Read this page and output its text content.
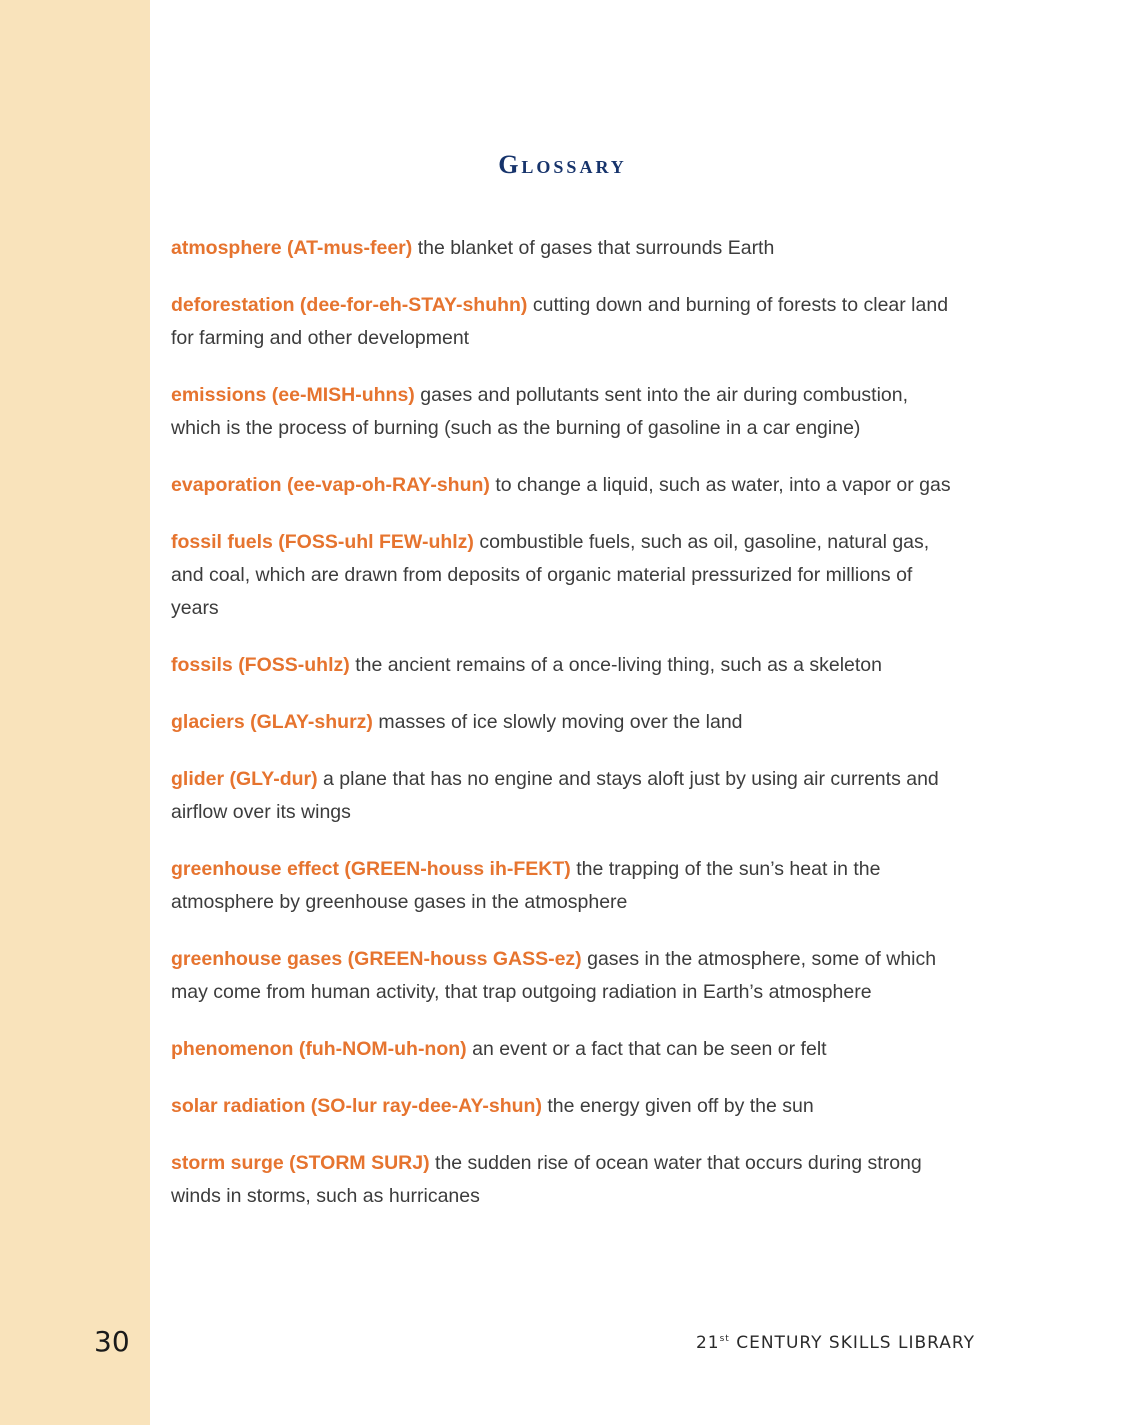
Glossary
atmosphere (AT-mus-feer) the blanket of gases that surrounds Earth
deforestation (dee-for-eh-STAY-shuhn) cutting down and burning of forests to clear land for farming and other development
emissions (ee-MISH-uhns) gases and pollutants sent into the air during combustion, which is the process of burning (such as the burning of gasoline in a car engine)
evaporation (ee-vap-oh-RAY-shun) to change a liquid, such as water, into a vapor or gas
fossil fuels (FOSS-uhl FEW-uhlz) combustible fuels, such as oil, gasoline, natural gas, and coal, which are drawn from deposits of organic material pressurized for millions of years
fossils (FOSS-uhlz) the ancient remains of a once-living thing, such as a skeleton
glaciers (GLAY-shurz) masses of ice slowly moving over the land
glider (GLY-dur) a plane that has no engine and stays aloft just by using air currents and airflow over its wings
greenhouse effect (GREEN-houss ih-FEKT) the trapping of the sun’s heat in the atmosphere by greenhouse gases in the atmosphere
greenhouse gases (GREEN-houss GASS-ez) gases in the atmosphere, some of which may come from human activity, that trap outgoing radiation in Earth’s atmosphere
phenomenon (fuh-NOM-uh-non) an event or a fact that can be seen or felt
solar radiation (SO-lur ray-dee-AY-shun) the energy given off by the sun
storm surge (STORM SURJ) the sudden rise of ocean water that occurs during strong winds in storms, such as hurricanes
30	21st CENTURY SKILLS LIBRARY
